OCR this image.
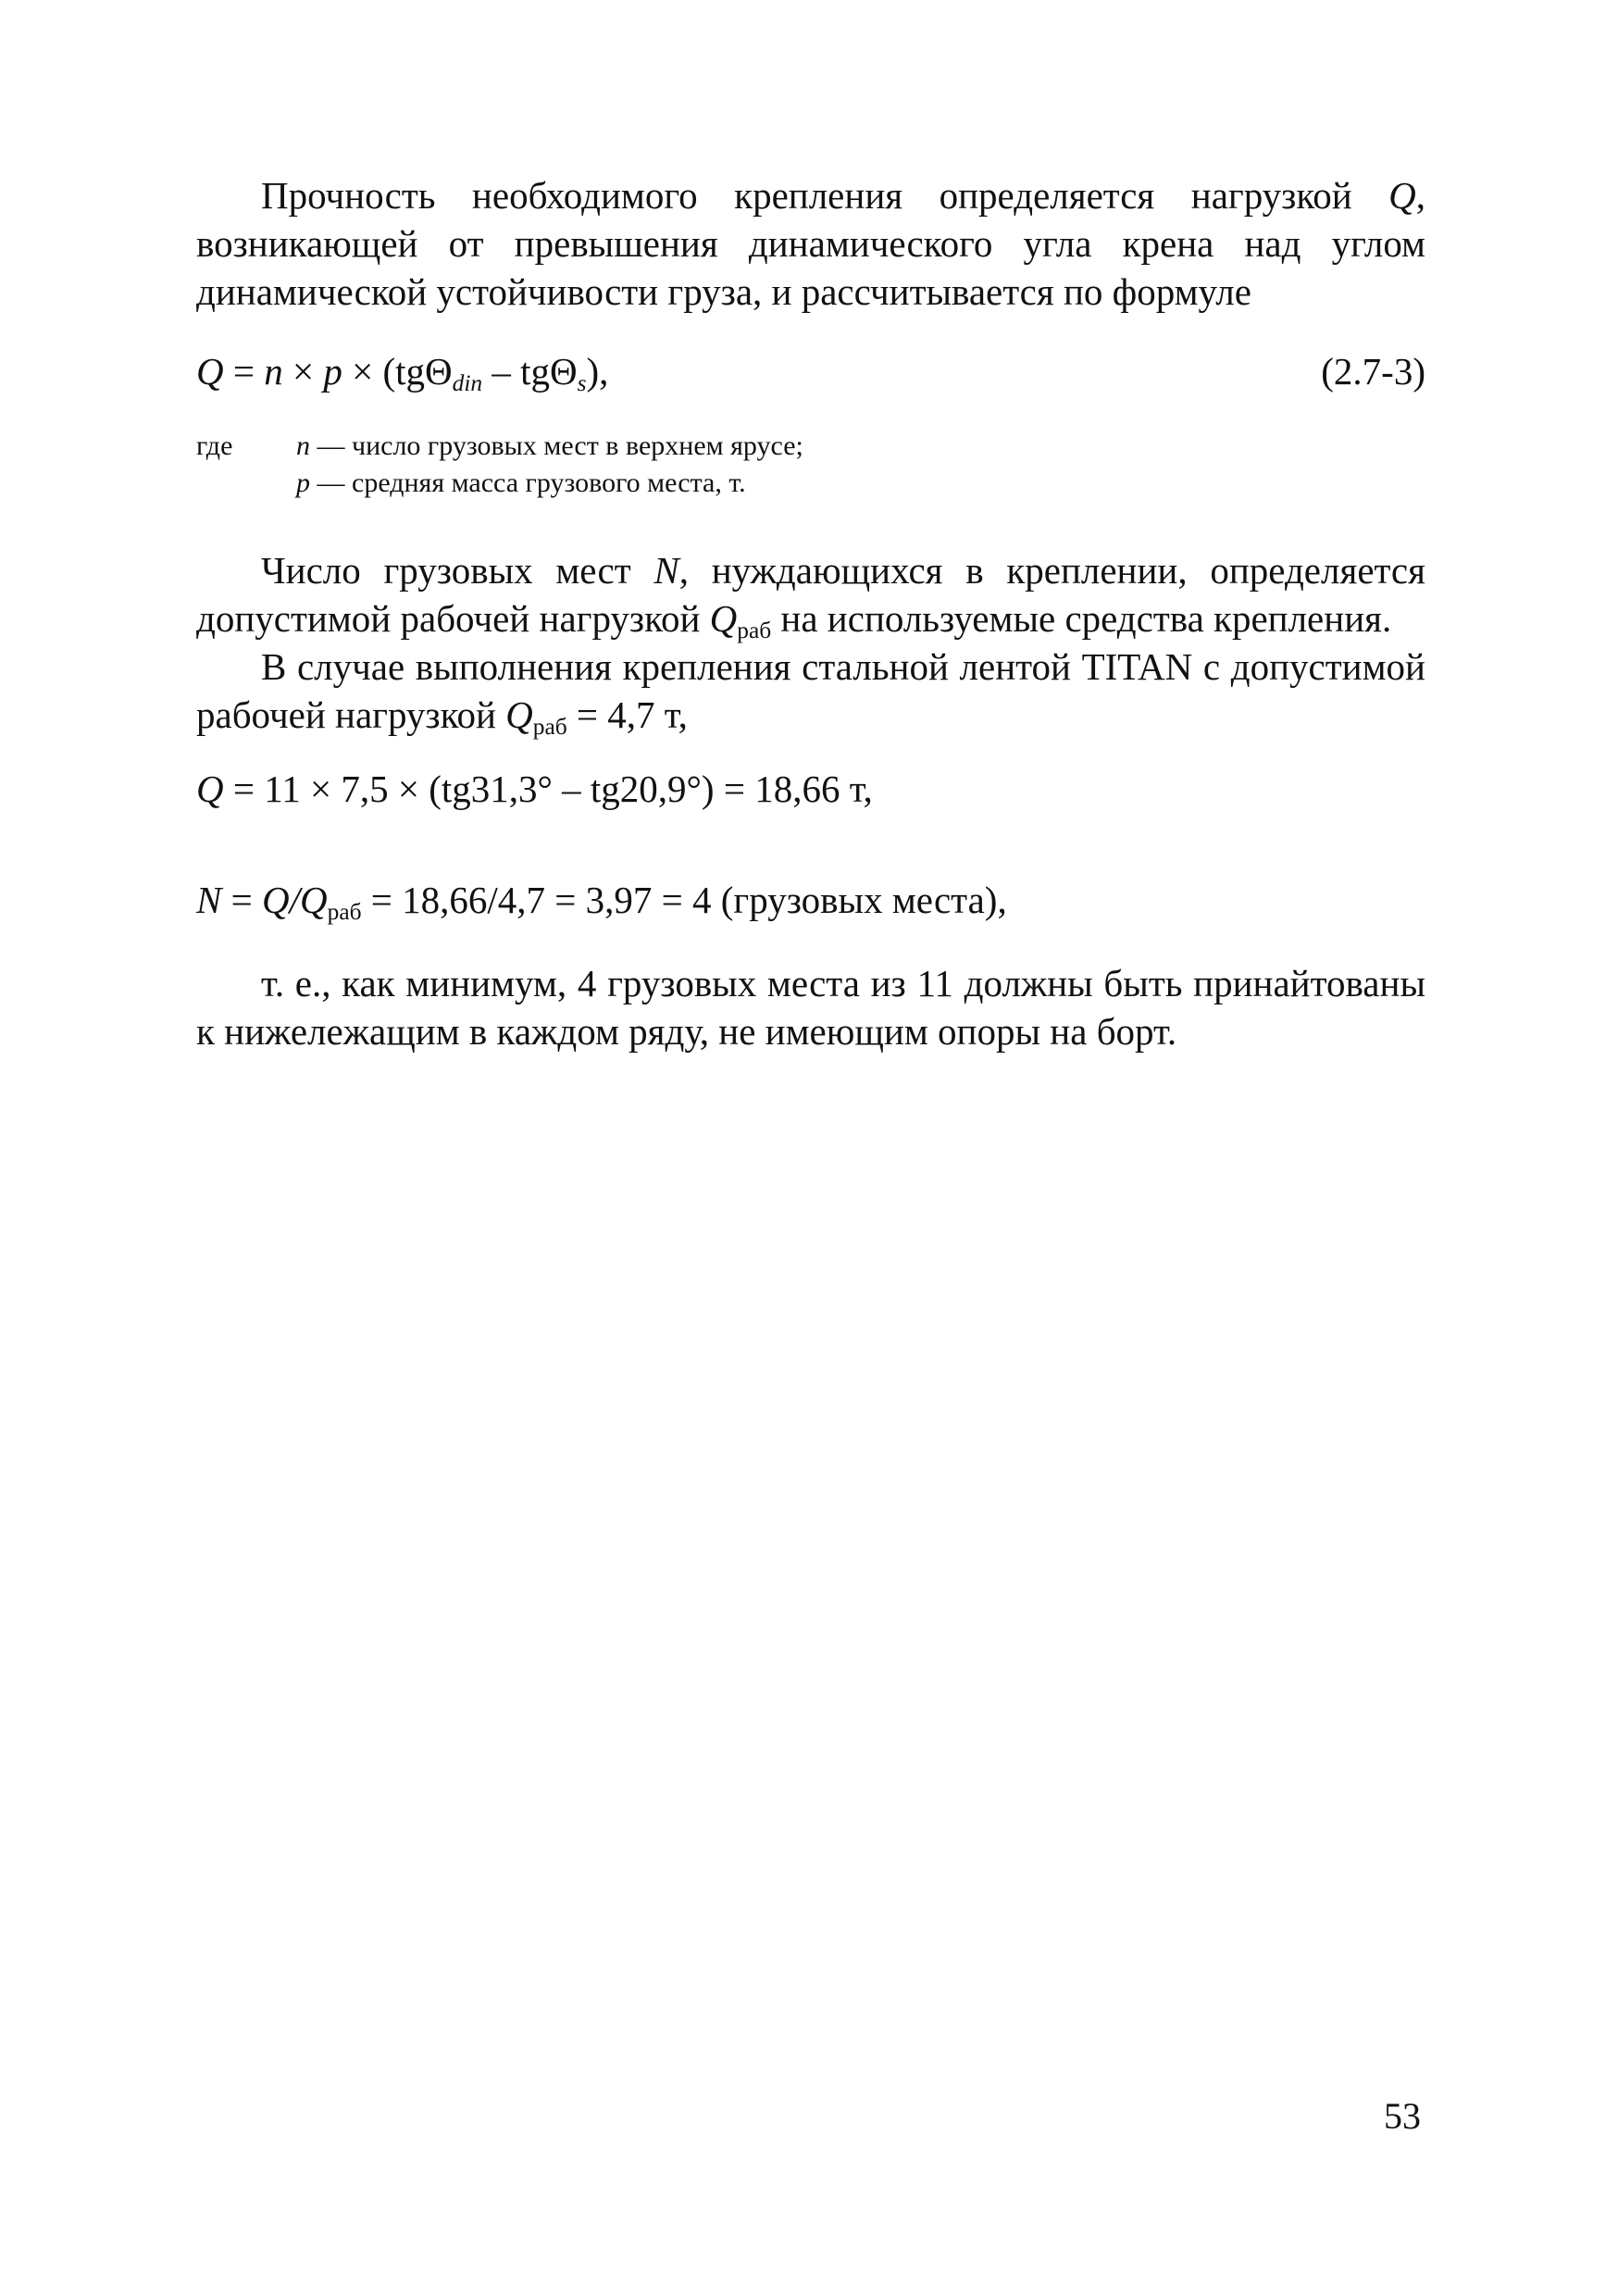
Прочность необходимого крепления определяется нагрузкой Q, возникающей от превышения динамического угла крена над углом динамической устойчивости груза, и рассчитывается по формуле

Q = n × p × (tgΘ$_{din}$ – tgΘ$_s$),	(2.7-3)
где n — число грузовых мест в верхнем ярусе;
p — средняя масса грузового места, т.

Число грузовых мест N, нуждающихся в креплении, определяется допустимой рабочей нагрузкой $Q_{раб}$ на используемые средства крепления.

В случае выполнения крепления стальной лентой TITAN с допустимой рабочей нагрузкой $Q_{раб} = 4,7$ т,

Q = 11 × 7,5 × (tg31,3° – tg20,9°) = 18,66 т,
$N = Q/Q_{раб} = 18,66/4,7 = 3,97 = 4$ (грузовых места),

т. е., как минимум, 4 грузовых места из 11 должны быть принайтованы к нижележащим в каждом ряду, не имеющим опоры на борт.

53
